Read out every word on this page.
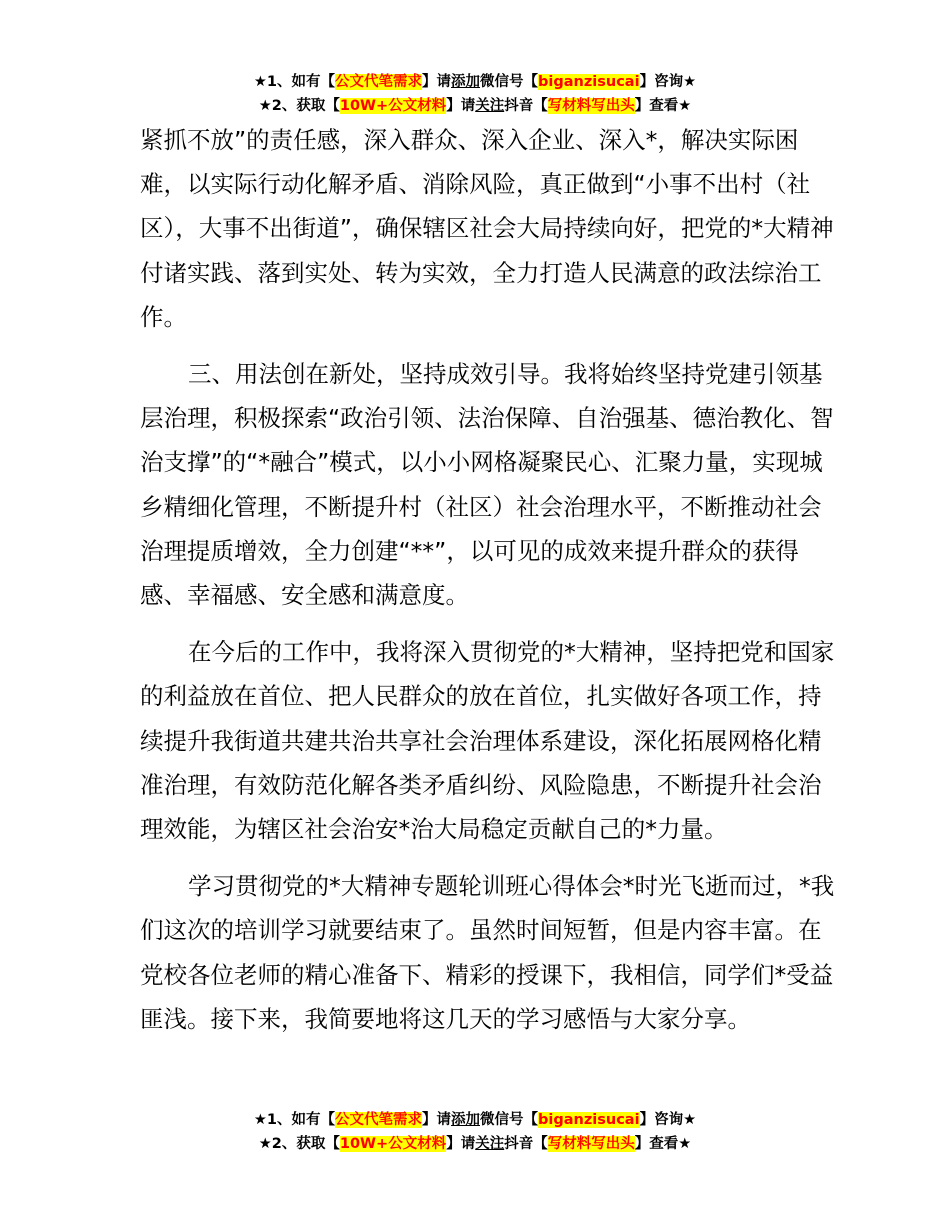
★1、如有【公文代笔需求】请添加微信号【biganzisucai】咨询★
★2、获取【10W+公文材料】请关注抖音【写材料写出头】查看★

紧抓不放”的责任感，深入群众、深入企业、深入*，解决实际困难，以实际行动化解矛盾、消除风险，真正做到“小事不出村（社区），大事不出街道”，确保辖区社会大局持续向好，把党的*大精神付诸实践、落到实处、转为实效，全力打造人民满意的政法综治工作。

三、用法创在新处，坚持成效引导。我将始终坚持党建引领基层治理，积极探索“政治引领、法治保障、自治强基、德治教化、智治支撑”的“*融合”模式，以小小网格凝聚民心、汇聚力量，实现城乡精细化管理，不断提升村（社区）社会治理水平，不断推动社会治理提质增效，全力创建“**”，以可见的成效来提升群众的获得感、幸福感、安全感和满意度。

在今后的工作中，我将深入贯彻党的*大精神，坚持把党和国家的利益放在首位、把人民群众的放在首位，扎实做好各项工作，持续提升我街道共建共治共享社会治理体系建设，深化拓展网格化精准治理，有效防范化解各类矛盾纠纷、风险隐患，不断提升社会治理效能，为辖区社会治安*治大局稳定贡献自己的*力量。

学习贯彻党的*大精神专题轮训班心得体会*时光飞逝而过，*我们这次的培训学习就要结束了。虽然时间短暂，但是内容丰富。在党校各位老师的精心准备下、精彩的授课下，我相信，同学们*受益匪浅。接下来，我简要地将这几天的学习感悟与大家分享。

★1、如有【公文代笔需求】请添加微信号【biganzisucai】咨询★
★2、获取【10W+公文材料】请关注抖音【写材料写出头】查看★
